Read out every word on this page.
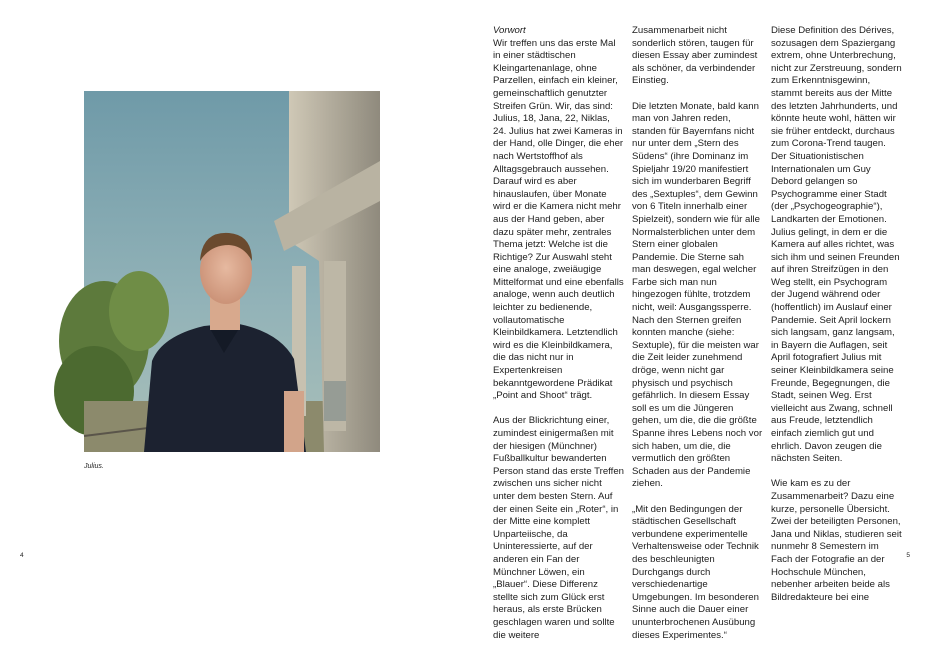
Julius.
4

Vorwort

Wir treffen uns das erste Mal in einer städtischen Kleingartenanlage, ohne Parzellen, einfach ein kleiner, gemeinschaftlich genutzter Streifen Grün. Wir, das sind: Julius, 18, Jana, 22, Niklas, 24. Julius hat zwei Kameras in der Hand, olle Dinger, die eher nach Wertstoffhof als Alltagsgebrauch aussehen. Darauf wird es aber hinauslaufen, über Monate wird er die Kamera nicht mehr aus der Hand geben, aber dazu später mehr, zentrales Thema jetzt: Welche ist die Richtige? Zur Auswahl steht eine analoge, zweiäugige Mittelformat und eine ebenfalls analoge, wenn auch deutlich leichter zu bedienende, vollautomatische Kleinbildkamera. Letztendlich wird es die Kleinbildkamera, die das nicht nur in Expertenkreisen bekanntgewordene Prädikat „Point and Shoot“ trägt.

Aus der Blickrichtung einer, zumindest einigermaßen mit der hiesigen (Münchner) Fußballkultur bewanderten Person stand das erste Treffen zwischen uns sicher nicht unter dem besten Stern. Auf der einen Seite ein „Roter“, in der Mitte eine komplett Unparteiische, da Uninteressierte, auf der anderen ein Fan der Münchner Löwen, ein „Blauer“. Diese Differenz stellte sich zum Glück erst heraus, als erste Brücken geschlagen waren und sollte die weitere

Zusammenarbeit nicht sonderlich stören, taugen für diesen Essay aber zumindest als schöner, da verbindender Einstieg.

Die letzten Monate, bald kann man von Jahren reden, standen für Bayernfans nicht nur unter dem „Stern des Südens“ (ihre Dominanz im Spieljahr 19/20 manifestiert sich im wunderbaren Begriff des „Sextuples“, dem Gewinn von 6 Titeln innerhalb einer Spielzeit), sondern wie für alle Normalsterblichen unter dem Stern einer globalen Pandemie. Die Sterne sah man deswegen, egal welcher Farbe sich man nun hingezogen fühlte, trotzdem nicht, weil: Ausgangssperre. Nach den Sternen greifen konnten manche (siehe: Sextuple), für die meisten war die Zeit leider zunehmend dröge, wenn nicht gar physisch und psychisch gefährlich. In diesem Essay soll es um die Jüngeren gehen, um die, die die größte Spanne ihres Lebens noch vor sich haben, um die, die vermutlich den größten Schaden aus der Pandemie ziehen.

„Mit den Bedingungen der städtischen Gesellschaft verbundene experimentelle Verhaltensweise oder Technik des beschleunigten Durchgangs durch verschiedenartige Umgebungen. Im besonderen Sinne auch die Dauer einer ununterbrochenen Ausübung dieses Experimentes.“

Diese Definition des Dérives, sozusagen dem Spaziergang extrem, ohne Unterbrechung, nicht zur Zerstreuung, sondern zum Erkenntnisgewinn, stammt bereits aus der Mitte des letzten Jahrhunderts, und könnte heute wohl, hätten wir sie früher entdeckt, durchaus zum Corona-Trend taugen. Der Situationistischen Internationalen um Guy Debord gelangen so Psychogramme einer Stadt (der „Psychogeographie“), Landkarten der Emotionen. Julius gelingt, in dem er die Kamera auf alles richtet, was sich ihm und seinen Freunden auf ihren Streifzügen in den Weg stellt, ein Psychogram der Jugend während oder (hoffentlich) im Auslauf einer Pandemie. Seit April lockern sich langsam, ganz langsam, in Bayern die Auflagen, seit April fotografiert Julius mit seiner Kleinbildkamera seine Freunde, Begegnungen, die Stadt, seinen Weg. Erst vielleicht aus Zwang, schnell aus Freude, letztendlich einfach ziemlich gut und ehrlich. Davon zeugen die nächsten Seiten.

Wie kam es zu der Zusammenarbeit? Dazu eine kurze, personelle Übersicht. Zwei der beteiligten Personen, Jana und Niklas, studieren seit nunmehr 8 Semestern im Fach der Fotografie an der Hochschule München, nebenher arbeiten beide als Bildredakteure bei eine

5
